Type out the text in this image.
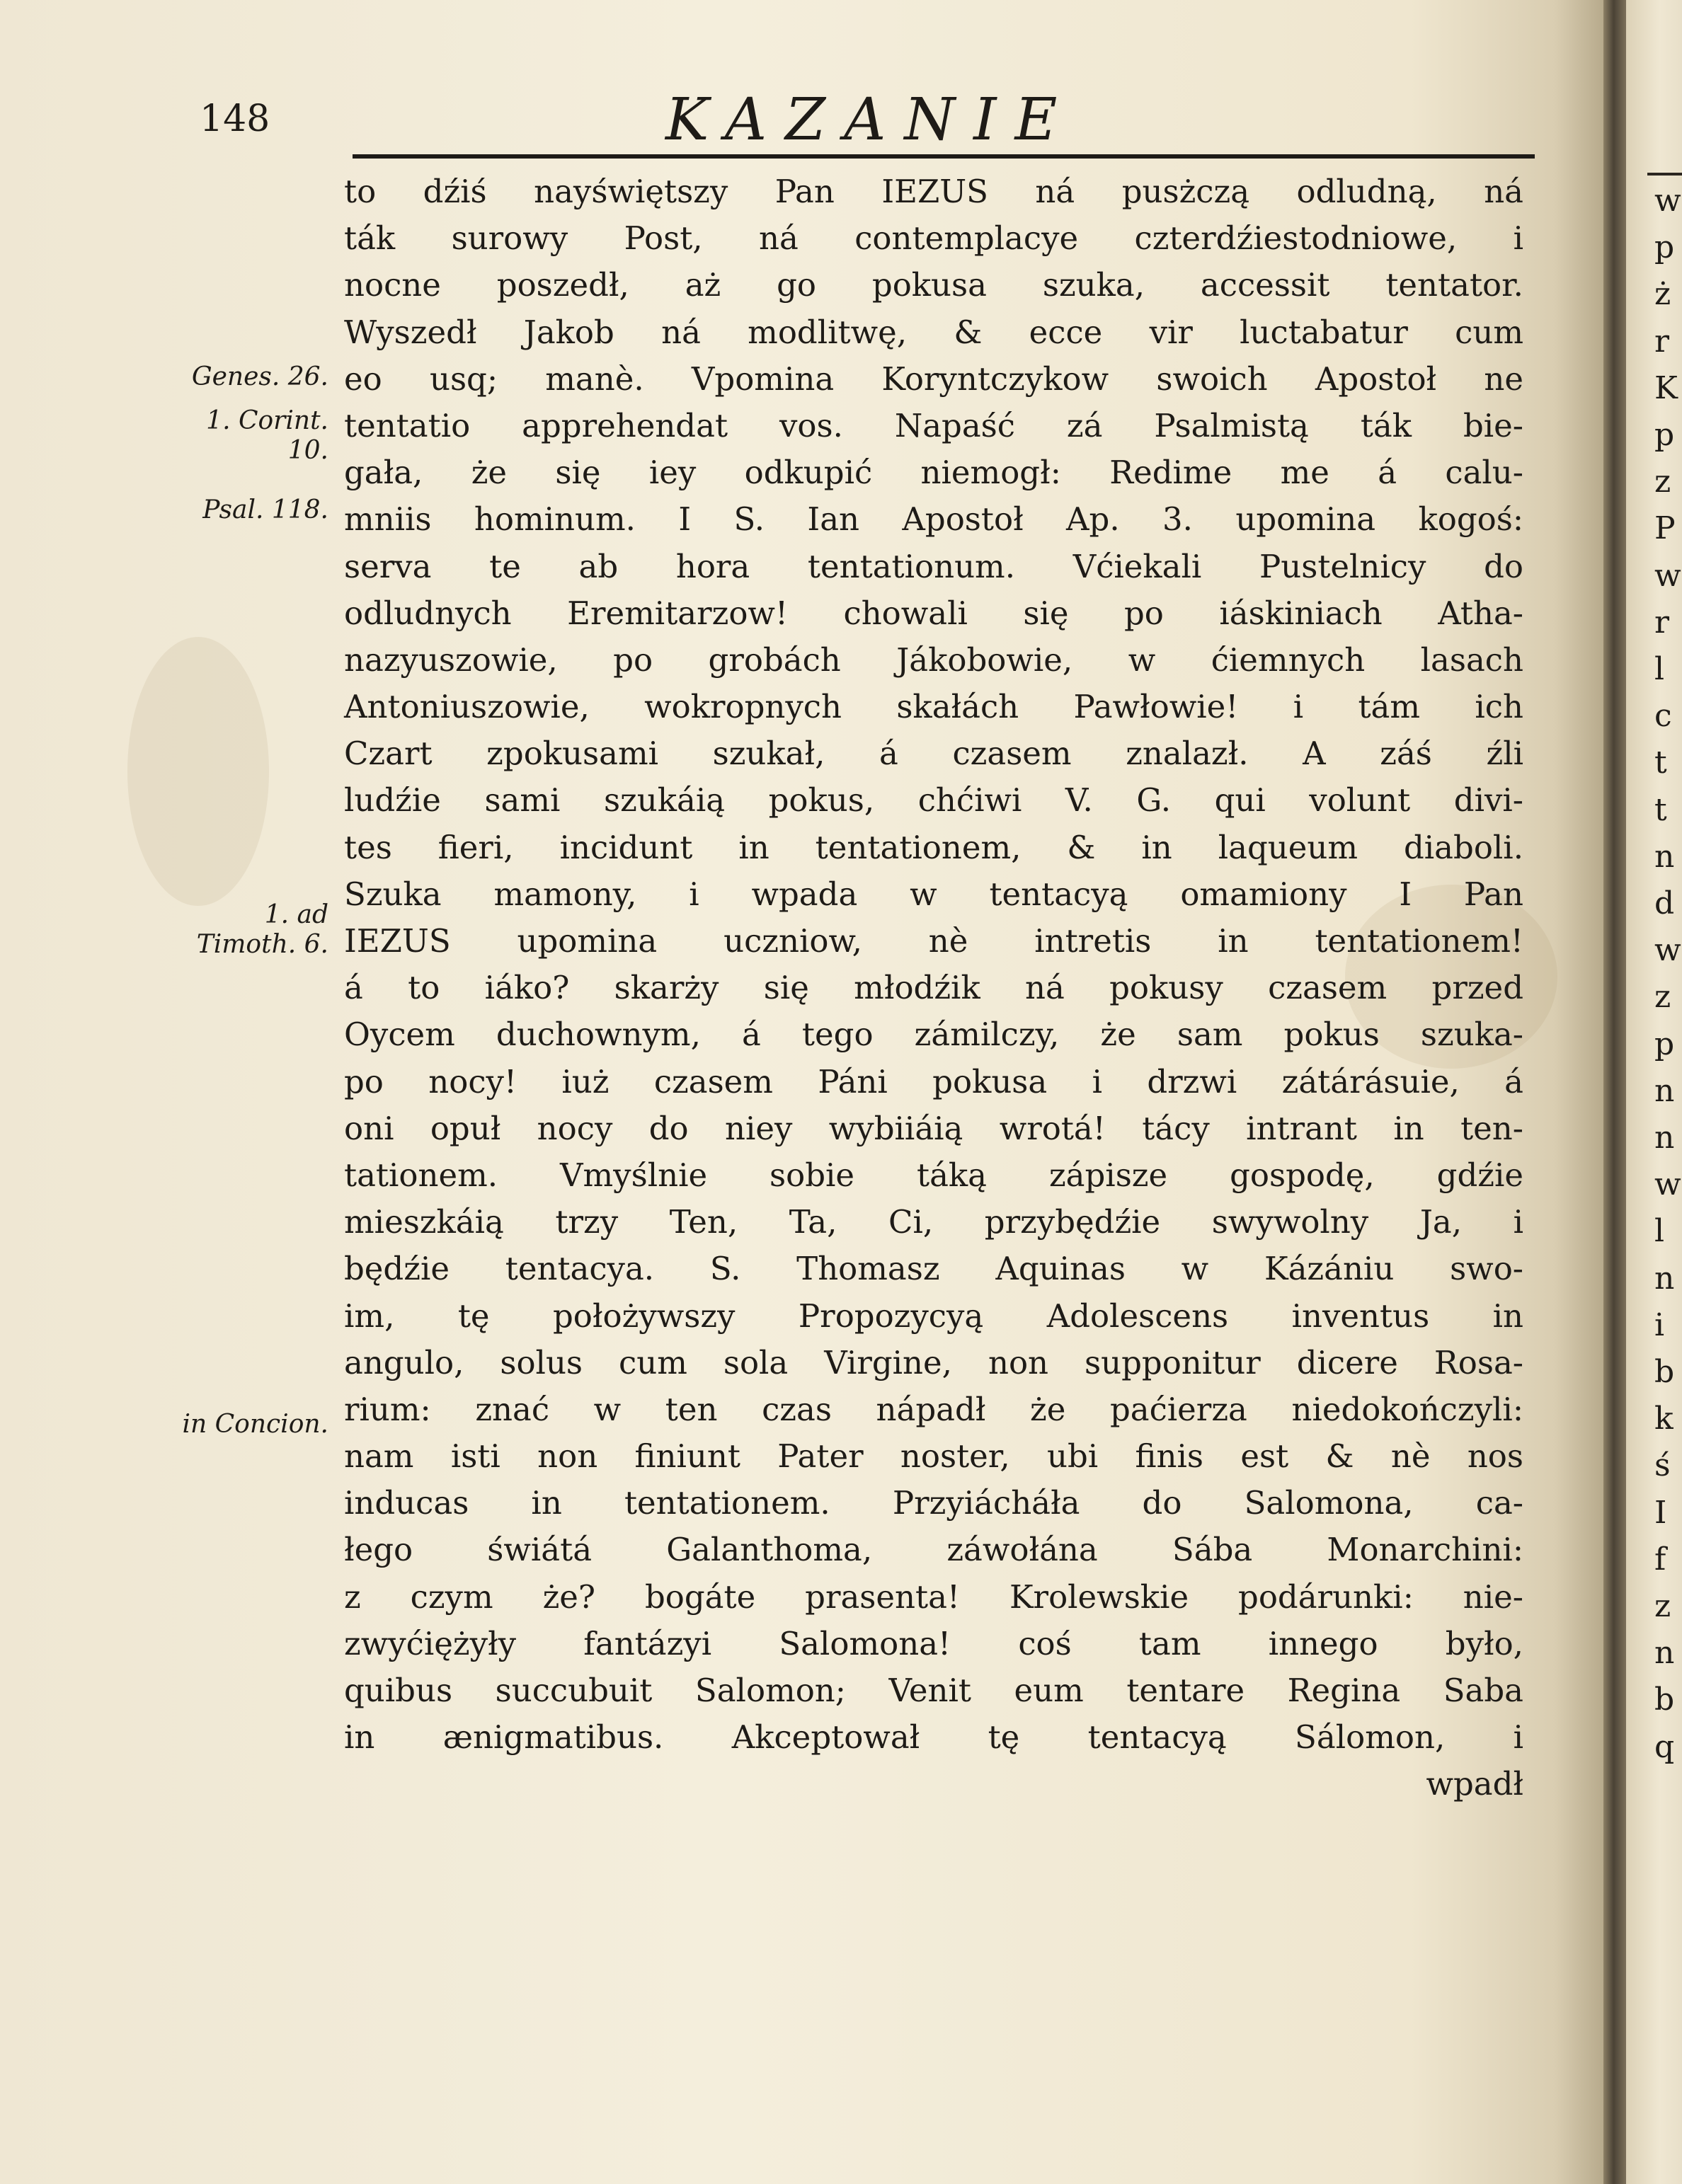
148	KAZANIE
Genes. 26.
1. Corint. 10.
Psal. 118.
1. ad Timoth. 6.
in Concion.
to dźiś nayświętszy Pan IEZUS ná pusżczą odludną, ná
ták surowy Post, ná contemplacye czterdźiestodniowe, i
nocne poszedł, aż go pokusa szuka, accessit tentator.
Wyszedł Jakob ná modlitwę, & ecce vir luctabatur cum
eo usq; manè. Vpomina Koryntczykow swoich Apostoł ne
tentatio apprehendat vos. Napaść zá Psalmistą ták bie-
gała, że się iey odkupić niemogł: Redime me á calu-
mniis hominum. I S. Ian Apostoł Ap. 3. upomina kogoś:
serva te ab hora tentationum. Vćiekali Pustelnicy do
odludnych Eremitarzow! chowali się po iáskiniach Atha-
nazyuszowie, po grobách Jákobowie, w ćiemnych lasach
Antoniuszowie, wokropnych skałách Pawłowie! i tám ich
Czart zpokusami szukał, á czasem znalazł. A záś źli
ludźie sami szukáią pokus, chćiwi V. G. qui volunt divi-
tes fieri, incidunt in tentationem, & in laqueum diaboli.
Szuka mamony, i wpada w tentacyą omamiony I Pan
IEZUS upomina uczniow, nè intretis in tentationem!
á to iáko? skarży się młodźik ná pokusy czasem przed
Oycem duchownym, á tego zámilczy, że sam pokus szuka-
po nocy! iuż czasem Páni pokusa i drzwi zátárásuie, á
oni opuł nocy do niey wybiiáią wrotá! tácy intrant in ten-
tationem. Vmyślnie sobie táką zápisze gospodę, gdźie
mieszkáią trzy Ten, Ta, Ci, przybędźie swywolny Ja, i
będźie tentacya. S. Thomasz Aquinas w Kázániu swo-
im, tę położywszy Propozycyą Adolescens inventus in
angulo, solus cum sola Virgine, non supponitur dicere Rosa-
rium: znać w ten czas nápadł że paćierza niedokończyli:
nam isti non finiunt Pater noster, ubi finis est & nè nos
inducas in tentationem. Przyiácháła do Salomona, ca-
łego świátá Galanthoma, záwołána Sába Monarchini:
z czym że? bogáte prasenta! Krolewskie podárunki: nie-
zwyćiężyły fantázyi Salomona! coś tam innego było,
quibus succubuit Salomon; Venit eum tentare Regina Saba
in ænigmatibus. Akceptował tę tentacyą Sálomon, i
wpadł
w
p
ż
r
K
p
z
P
w
r
l
c
t
t
n
d
w
z
p
n
n
w
l
n
i
b
k
ś
I
f
z
n
b
q
